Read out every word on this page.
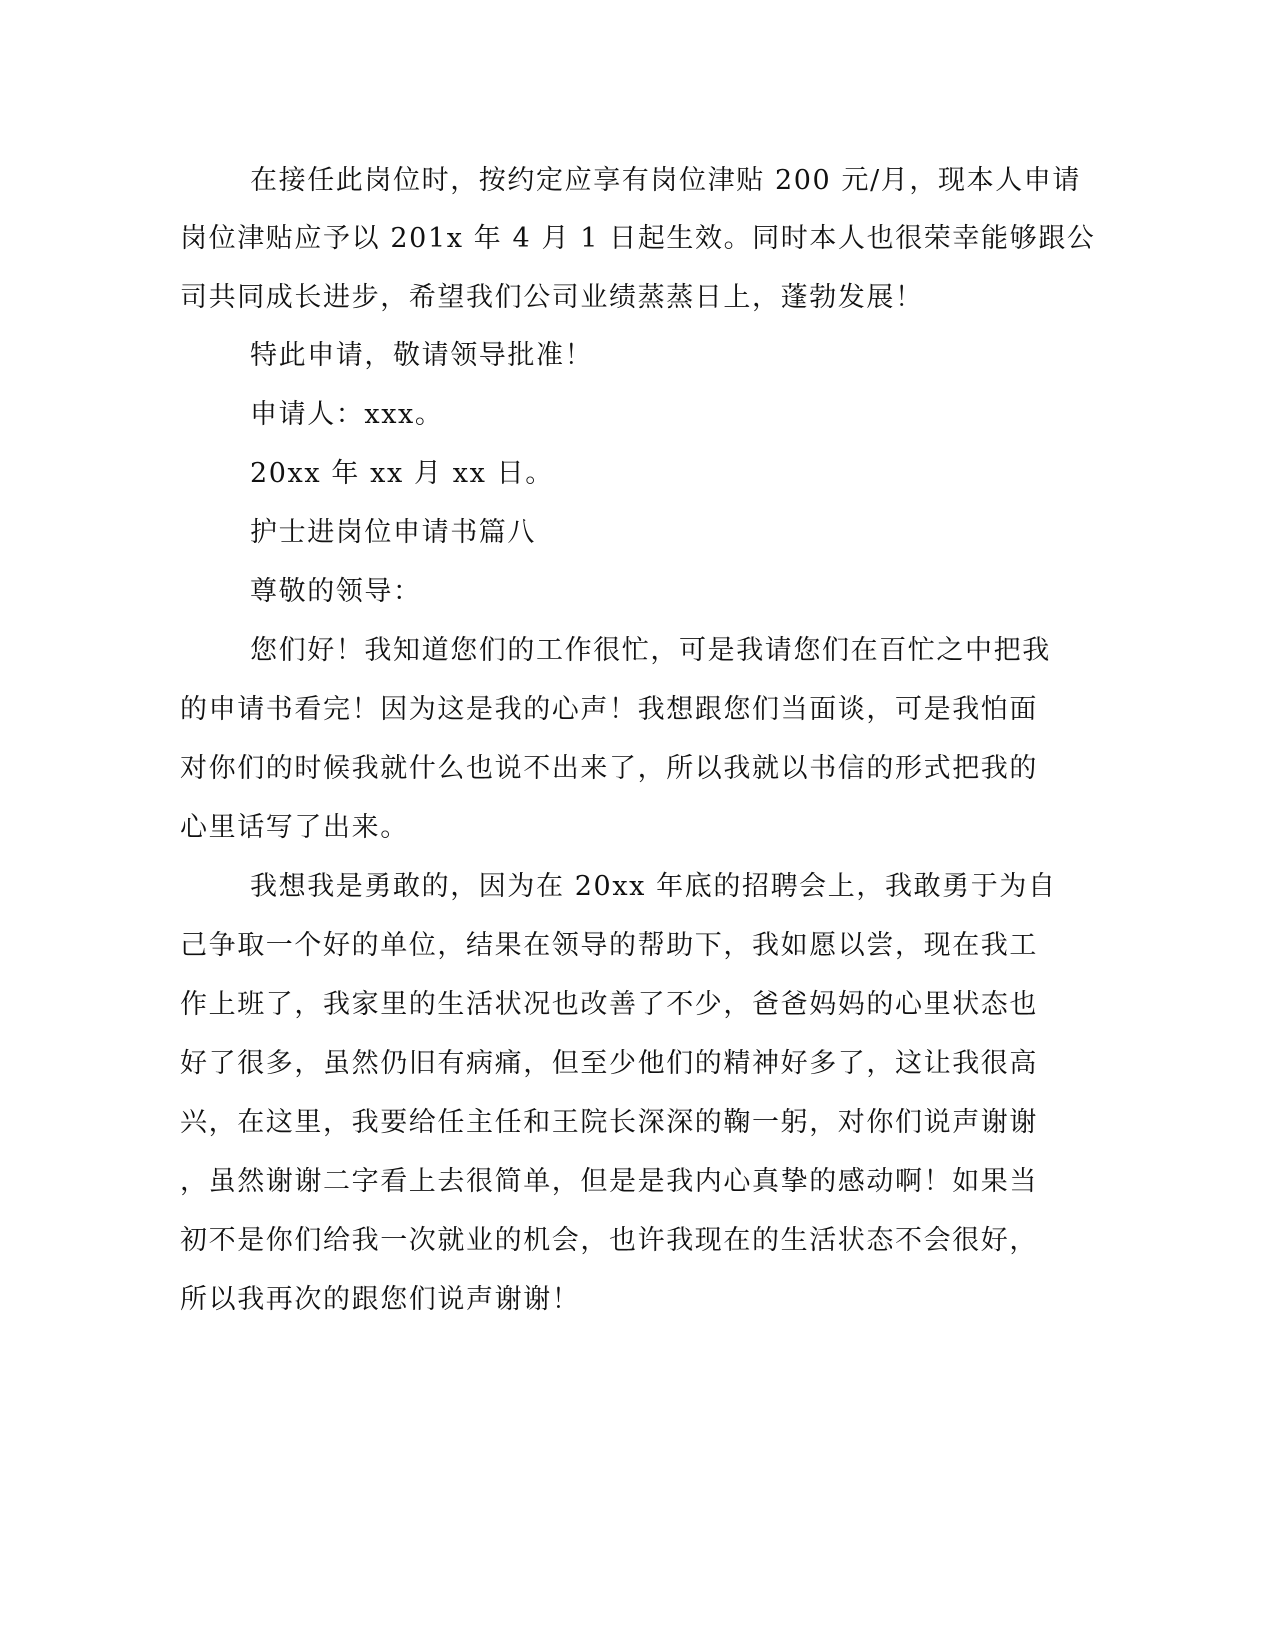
在接任此岗位时，按约定应享有岗位津贴 200 元/月，现本人申请
岗位津贴应予以 201x 年 4 月 1 日起生效。同时本人也很荣幸能够跟公
司共同成长进步，希望我们公司业绩蒸蒸日上，蓬勃发展！
特此申请，敬请领导批准！
申请人：xxx。
20xx 年 xx 月 xx 日。
护士进岗位申请书篇八
尊敬的领导：
您们好！我知道您们的工作很忙，可是我请您们在百忙之中把我
的申请书看完！因为这是我的心声！我想跟您们当面谈，可是我怕面
对你们的时候我就什么也说不出来了，所以我就以书信的形式把我的
心里话写了出来。
我想我是勇敢的，因为在 20xx 年底的招聘会上，我敢勇于为自
己争取一个好的单位，结果在领导的帮助下，我如愿以尝，现在我工
作上班了，我家里的生活状况也改善了不少，爸爸妈妈的心里状态也
好了很多，虽然仍旧有病痛，但至少他们的精神好多了，这让我很高
兴，在这里，我要给任主任和王院长深深的鞠一躬，对你们说声谢谢
，虽然谢谢二字看上去很简单，但是是我内心真挚的感动啊！如果当
初不是你们给我一次就业的机会，也许我现在的生活状态不会很好，
所以我再次的跟您们说声谢谢！
